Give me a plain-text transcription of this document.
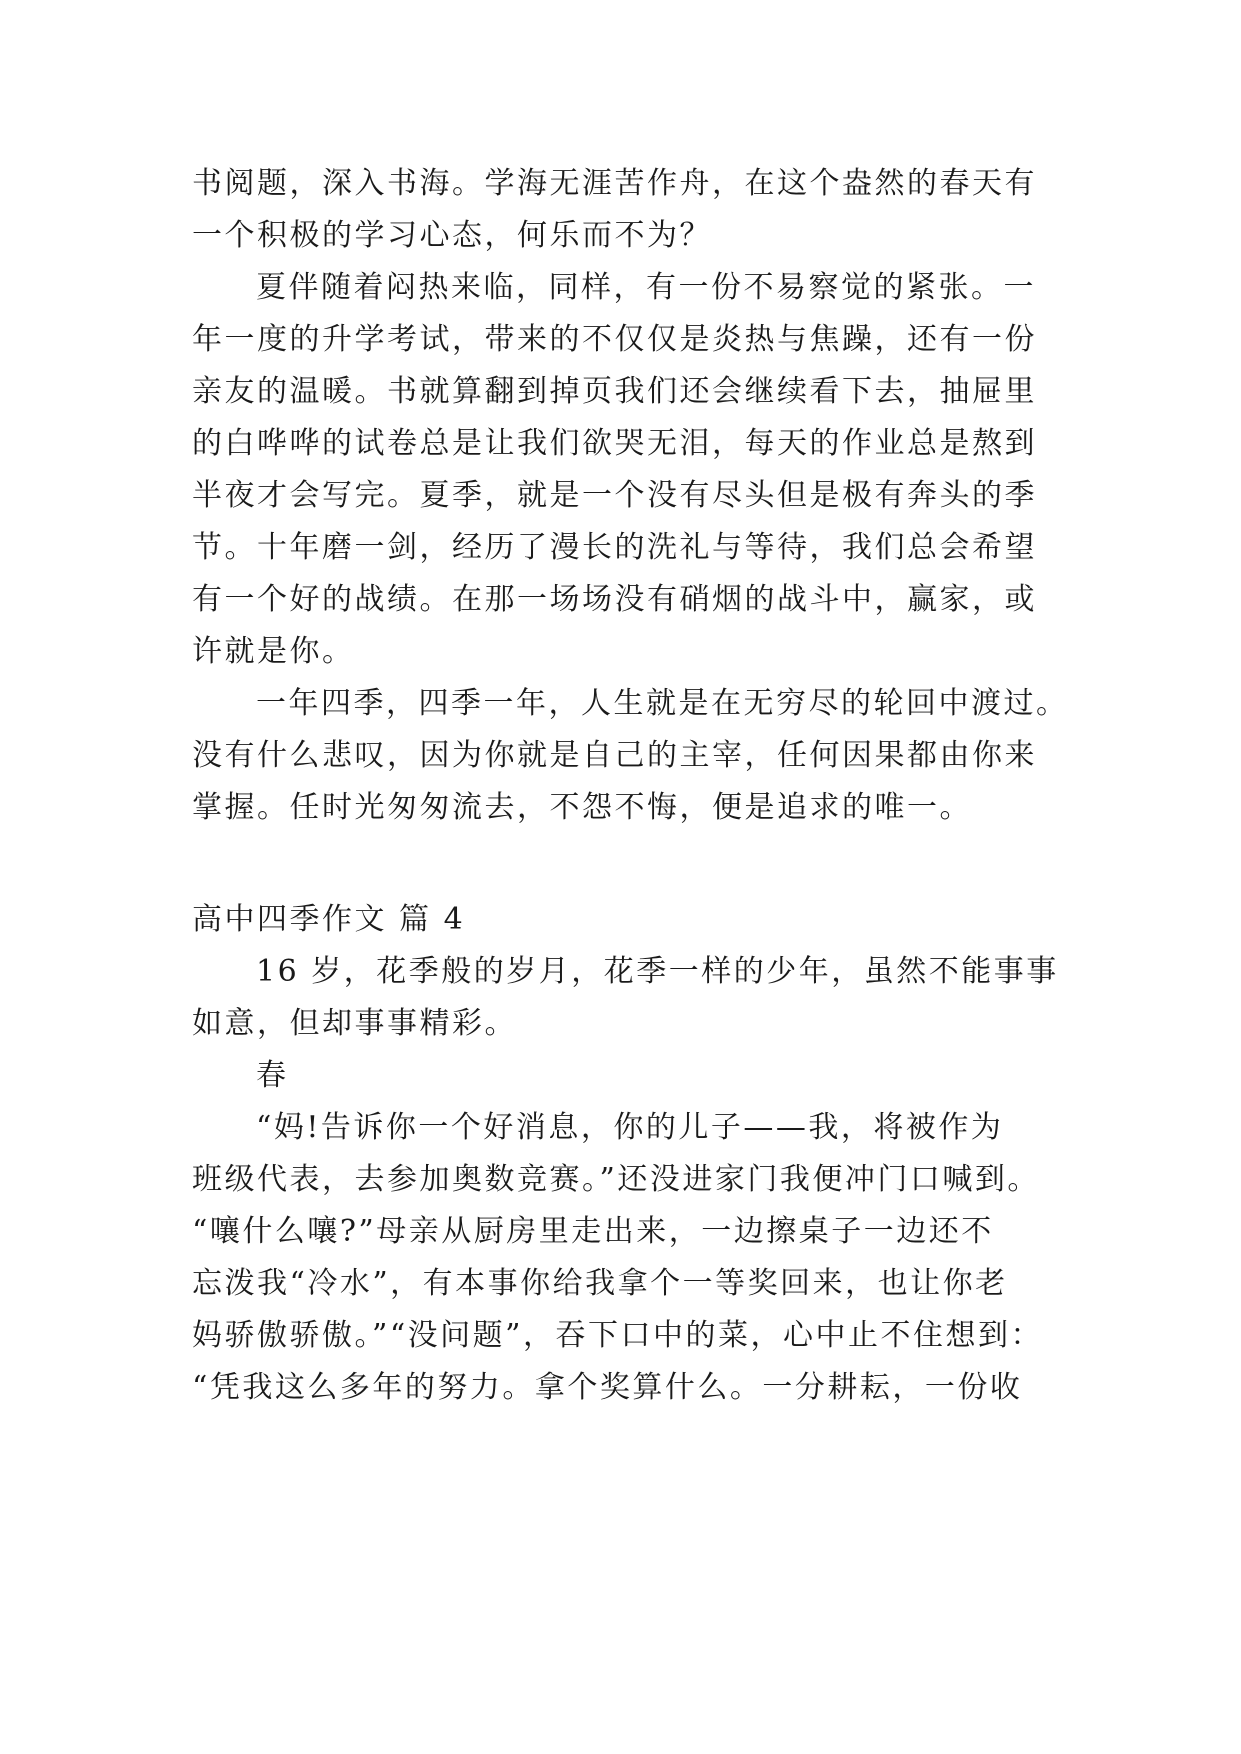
书阅题，深入书海。学海无涯苦作舟，在这个盎然的春天有
一个积极的学习心态，何乐而不为？
夏伴随着闷热来临，同样，有一份不易察觉的紧张。一
年一度的升学考试，带来的不仅仅是炎热与焦躁，还有一份
亲友的温暖。书就算翻到掉页我们还会继续看下去，抽屉里
的白哗哗的试卷总是让我们欲哭无泪，每天的作业总是熬到
半夜才会写完。夏季，就是一个没有尽头但是极有奔头的季
节。十年磨一剑，经历了漫长的洗礼与等待，我们总会希望
有一个好的战绩。在那一场场没有硝烟的战斗中，赢家，或
许就是你。
一年四季，四季一年，人生就是在无穷尽的轮回中渡过。
没有什么悲叹，因为你就是自己的主宰，任何因果都由你来
掌握。任时光匆匆流去，不怨不悔，便是追求的唯一。
高中四季作文 篇 4
16 岁，花季般的岁月，花季一样的少年，虽然不能事事
如意，但却事事精彩。
春
“妈!告诉你一个好消息，你的儿子——我，将被作为
班级代表，去参加奥数竞赛。”还没进家门我便冲门口喊到。
“嚷什么嚷?”母亲从厨房里走出来，一边擦桌子一边还不
忘泼我“冷水”，有本事你给我拿个一等奖回来，也让你老
妈骄傲骄傲。”“没问题”，吞下口中的菜，心中止不住想到：
“凭我这么多年的努力。拿个奖算什么。一分耕耘，一份收
